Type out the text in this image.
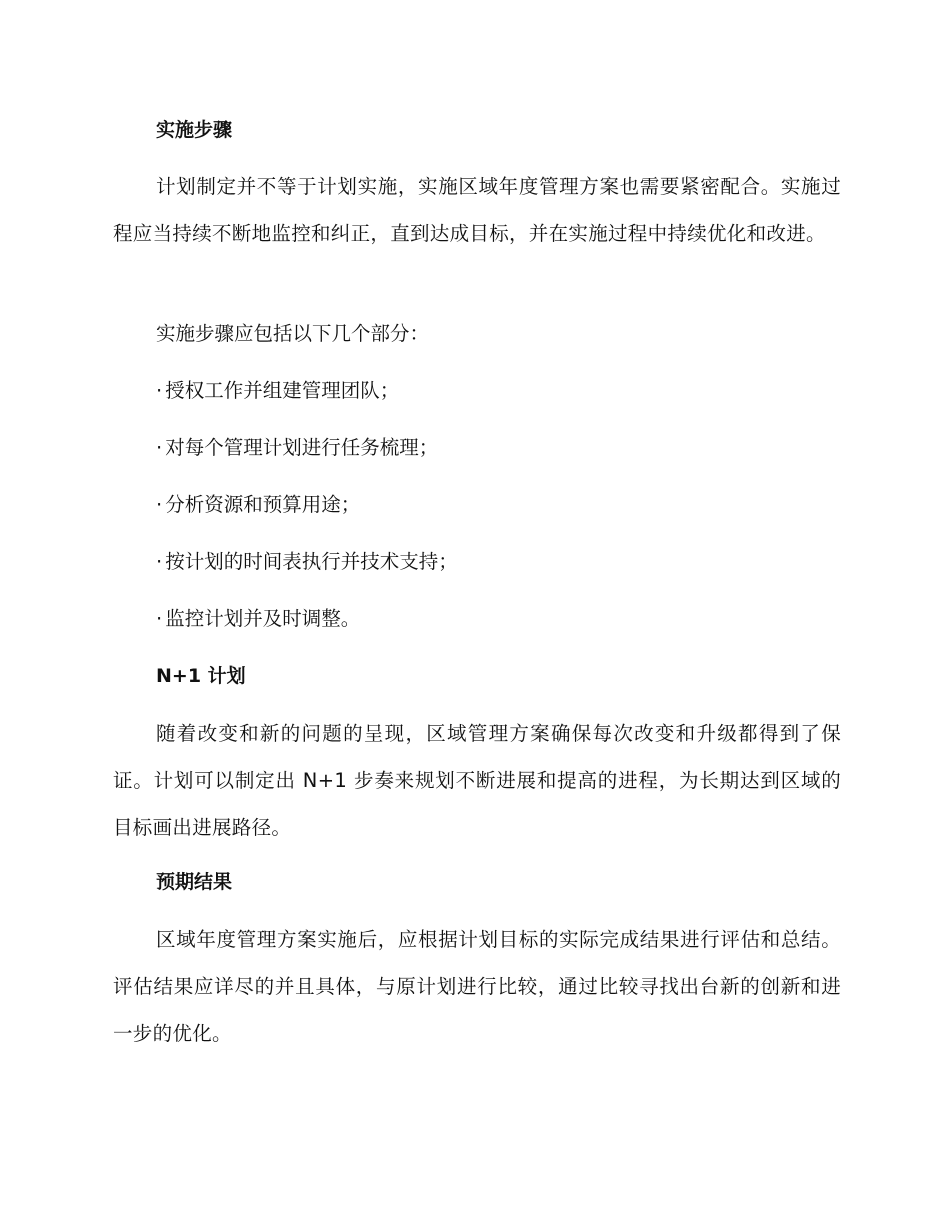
实施步骤

计划制定并不等于计划实施，实施区域年度管理方案也需要紧密配合。实施过程应当持续不断地监控和纠正，直到达成目标，并在实施过程中持续优化和改进。

实施步骤应包括以下几个部分：

· 授权工作并组建管理团队；
· 对每个管理计划进行任务梳理；
· 分析资源和预算用途；
· 按计划的时间表执行并技术支持；
· 监控计划并及时调整。
N+1 计划

随着改变和新的问题的呈现，区域管理方案确保每次改变和升级都得到了保证。计划可以制定出 N+1 步奏来规划不断进展和提高的进程，为长期达到区域的目标画出进展路径。

预期结果

区域年度管理方案实施后，应根据计划目标的实际完成结果进行评估和总结。评估结果应详尽的并且具体，与原计划进行比较，通过比较寻找出台新的创新和进一步的优化。
